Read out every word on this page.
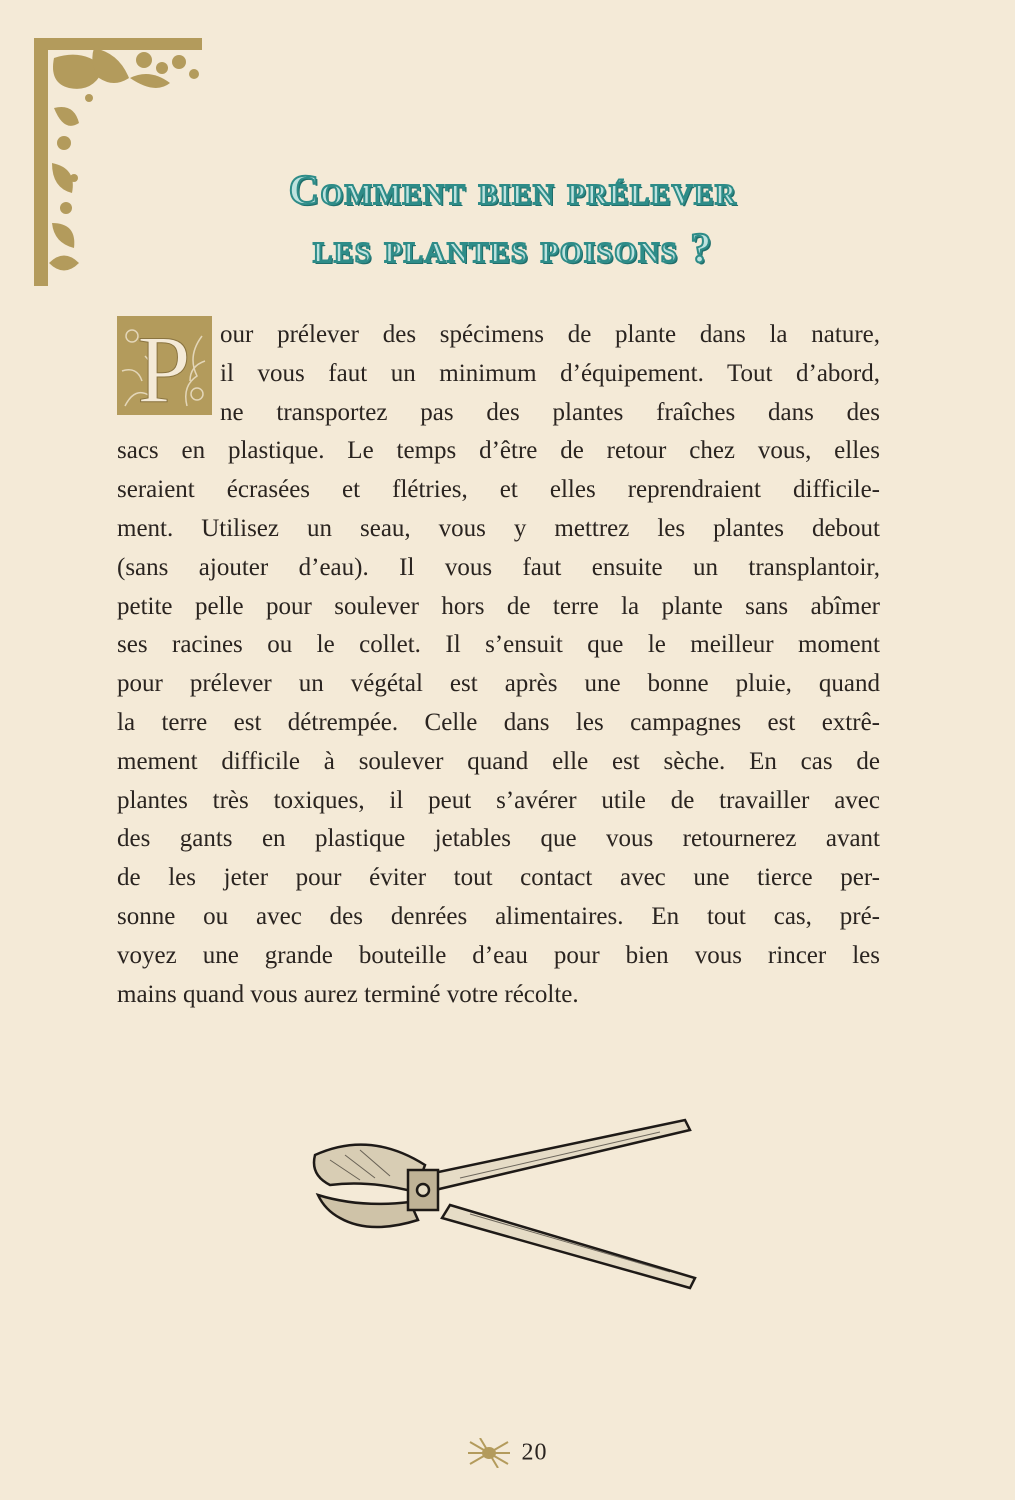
Comment bien prélever
les plantes poisons ?
P	our prélever des spécimens de plante dans la nature,
il vous faut un minimum d’équipement. Tout d’abord,
ne transportez pas des plantes fraîches dans des
sacs en plastique. Le temps d’être de retour chez vous, elles
seraient écrasées et flétries, et elles reprendraient difficile-
ment. Utilisez un seau, vous y mettrez les plantes debout
(sans ajouter d’eau). Il vous faut ensuite un transplantoir,
petite pelle pour soulever hors de terre la plante sans abîmer
ses racines ou le collet. Il s’ensuit que le meilleur moment
pour prélever un végétal est après une bonne pluie, quand
la terre est détrempée. Celle dans les campagnes est extrê-
mement difficile à soulever quand elle est sèche. En cas de
plantes très toxiques, il peut s’avérer utile de travailler avec
des gants en plastique jetables que vous retournerez avant
de les jeter pour éviter tout contact avec une tierce per-
sonne ou avec des denrées alimentaires. En tout cas, pré-
voyez une grande bouteille d’eau pour bien vous rincer les
mains quand vous aurez terminé votre récolte.
20
